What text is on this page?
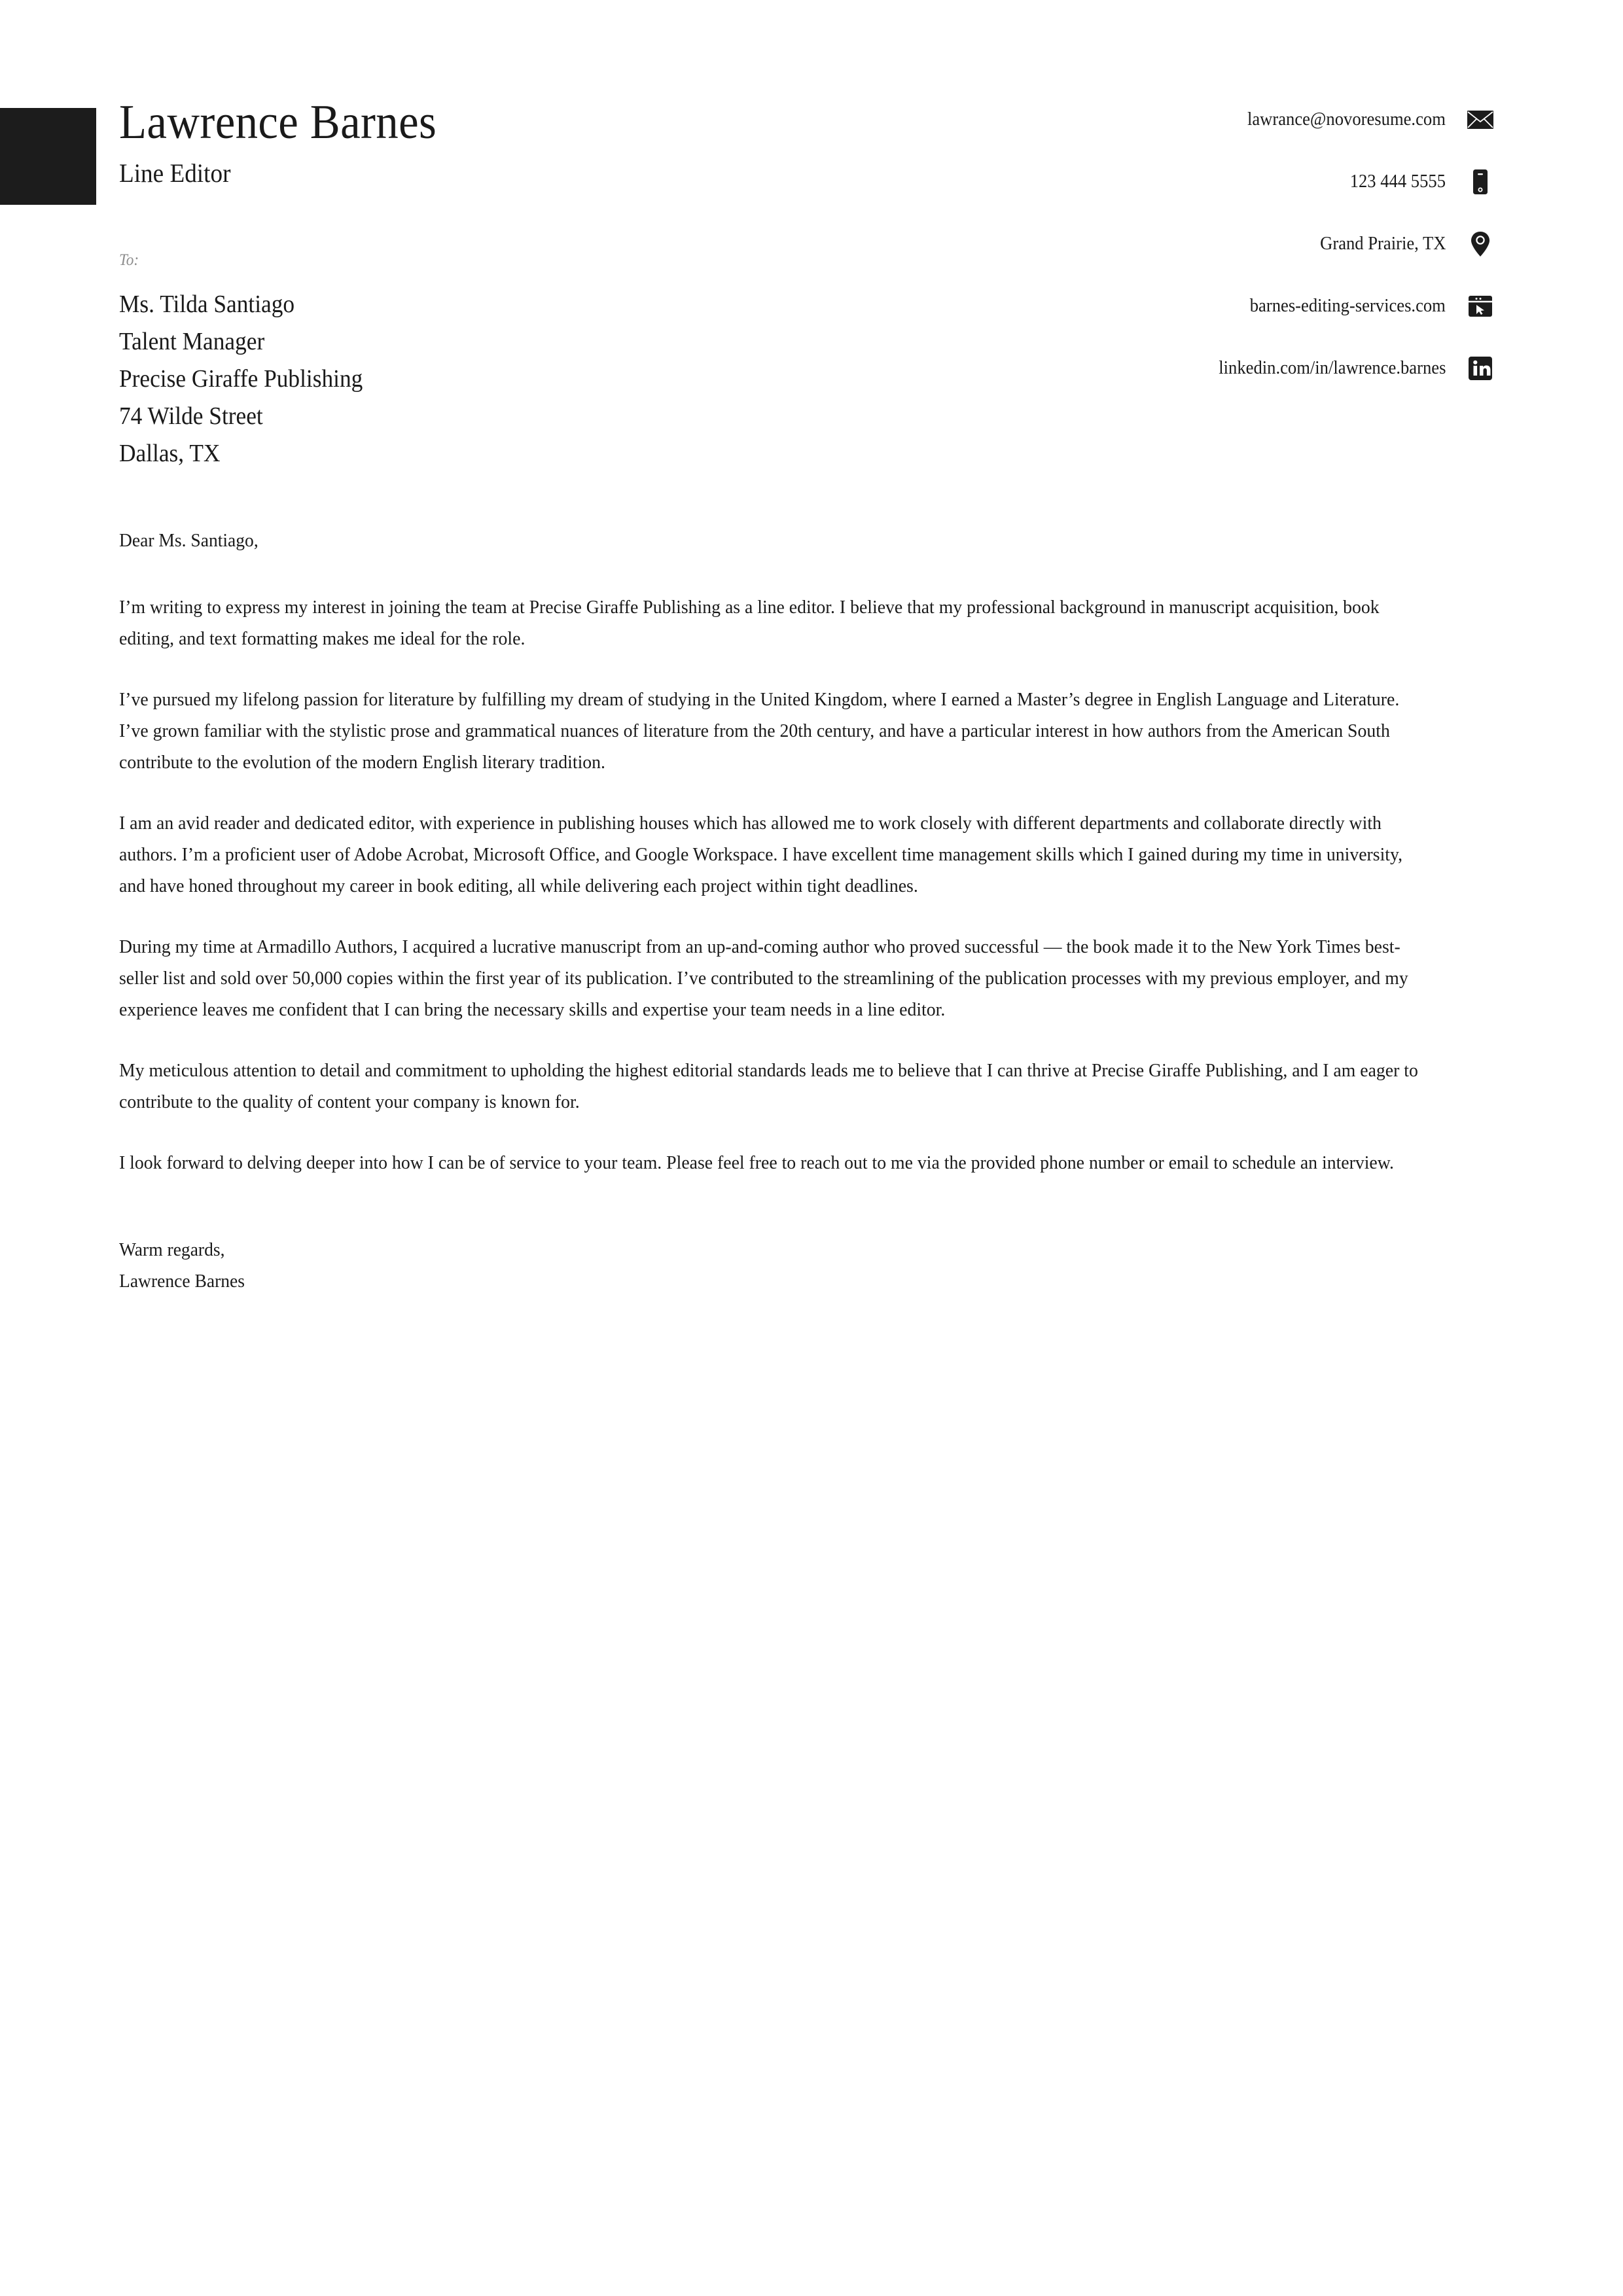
Lawrence Barnes
Line Editor
lawrance@novoresume.com
123 444 5555
Grand Prairie, TX
barnes-editing-services.com
linkedin.com/in/lawrence.barnes
To:
Ms. Tilda Santiago
Talent Manager
Precise Giraffe Publishing
74 Wilde Street
Dallas, TX
Dear Ms. Santiago,

I’m writing to express my interest in joining the team at Precise Giraffe Publishing as a line editor. I believe that my professional background in manuscript acquisition, book editing, and text formatting makes me ideal for the role.

I’ve pursued my lifelong passion for literature by fulfilling my dream of studying in the United Kingdom, where I earned a Master’s degree in English Language and Literature. I’ve grown familiar with the stylistic prose and grammatical nuances of literature from the 20th century, and have a particular interest in how authors from the American South contribute to the evolution of the modern English literary tradition.

I am an avid reader and dedicated editor, with experience in publishing houses which has allowed me to work closely with different departments and collaborate directly with authors. I’m a proficient user of Adobe Acrobat, Microsoft Office, and Google Workspace. I have excellent time management skills which I gained during my time in university, and have honed throughout my career in book editing, all while delivering each project within tight deadlines.

During my time at Armadillo Authors, I acquired a lucrative manuscript from an up-and-coming author who proved successful — the book made it to the New York Times best-seller list and sold over 50,000 copies within the first year of its publication. I’ve contributed to the streamlining of the publication processes with my previous employer, and my experience leaves me confident that I can bring the necessary skills and expertise your team needs in a line editor.

My meticulous attention to detail and commitment to upholding the highest editorial standards leads me to believe that I can thrive at Precise Giraffe Publishing, and I am eager to contribute to the quality of content your company is known for.

I look forward to delving deeper into how I can be of service to your team. Please feel free to reach out to me via the provided phone number or email to schedule an interview.

Warm regards,
Lawrence Barnes
